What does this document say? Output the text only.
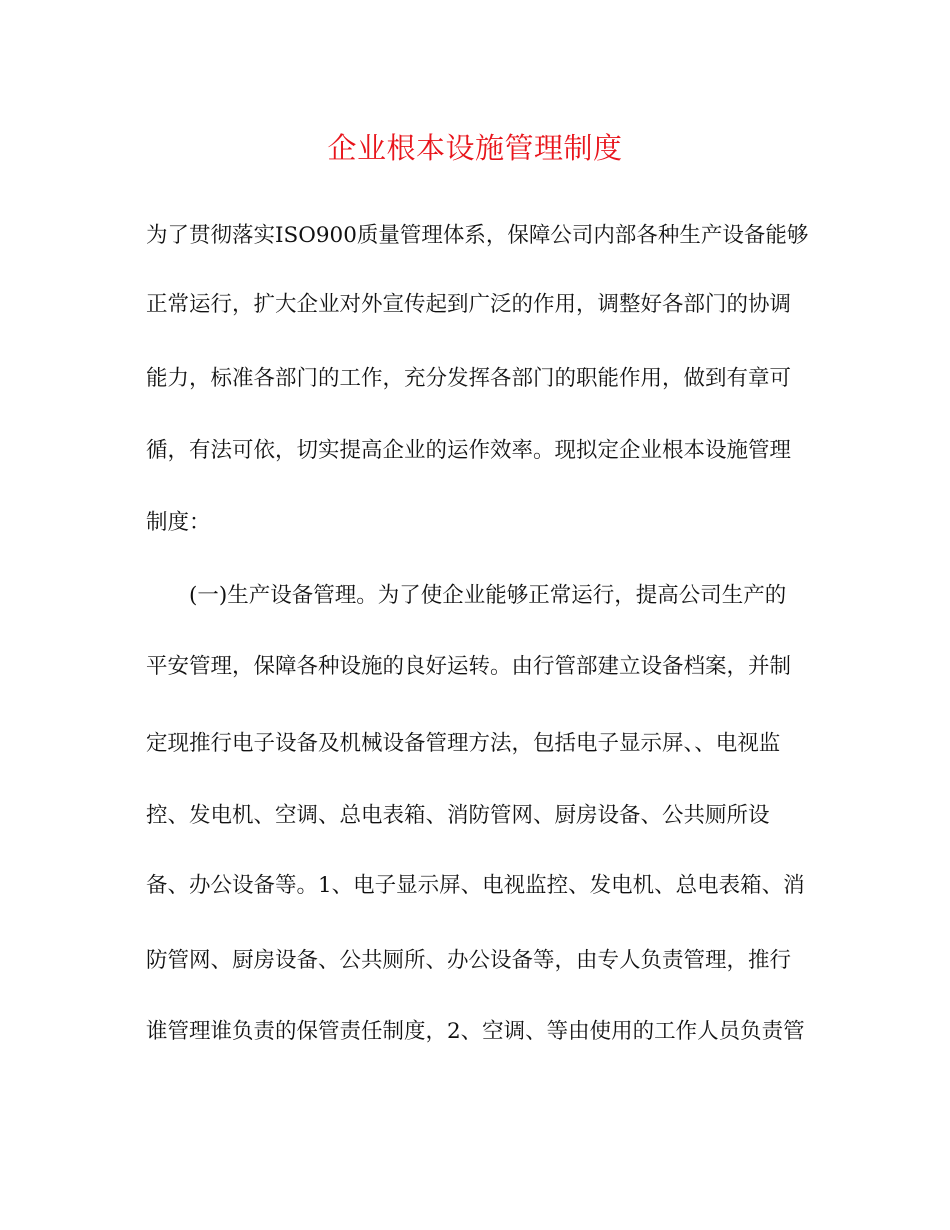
企业根本设施管理制度
为了贯彻落实ISO900质量管理体系，保障公司内部各种生产设备能够
正常运行，扩大企业对外宣传起到广泛的作用，调整好各部门的协调
能力，标准各部门的工作，充分发挥各部门的职能作用，做到有章可
循，有法可依，切实提高企业的运作效率。现拟定企业根本设施管理
制度：
　　(一)生产设备管理。为了使企业能够正常运行，提高公司生产的
平安管理，保障各种设施的良好运转。由行管部建立设备档案，并制
定现推行电子设备及机械设备管理方法，包括电子显示屏、、电视监
控、发电机、空调、总电表箱、消防管网、厨房设备、公共厕所设
备、办公设备等。1、电子显示屏、电视监控、发电机、总电表箱、消
防管网、厨房设备、公共厕所、办公设备等，由专人负责管理，推行
谁管理谁负责的保管责任制度，2、空调、等由使用的工作人员负责管
